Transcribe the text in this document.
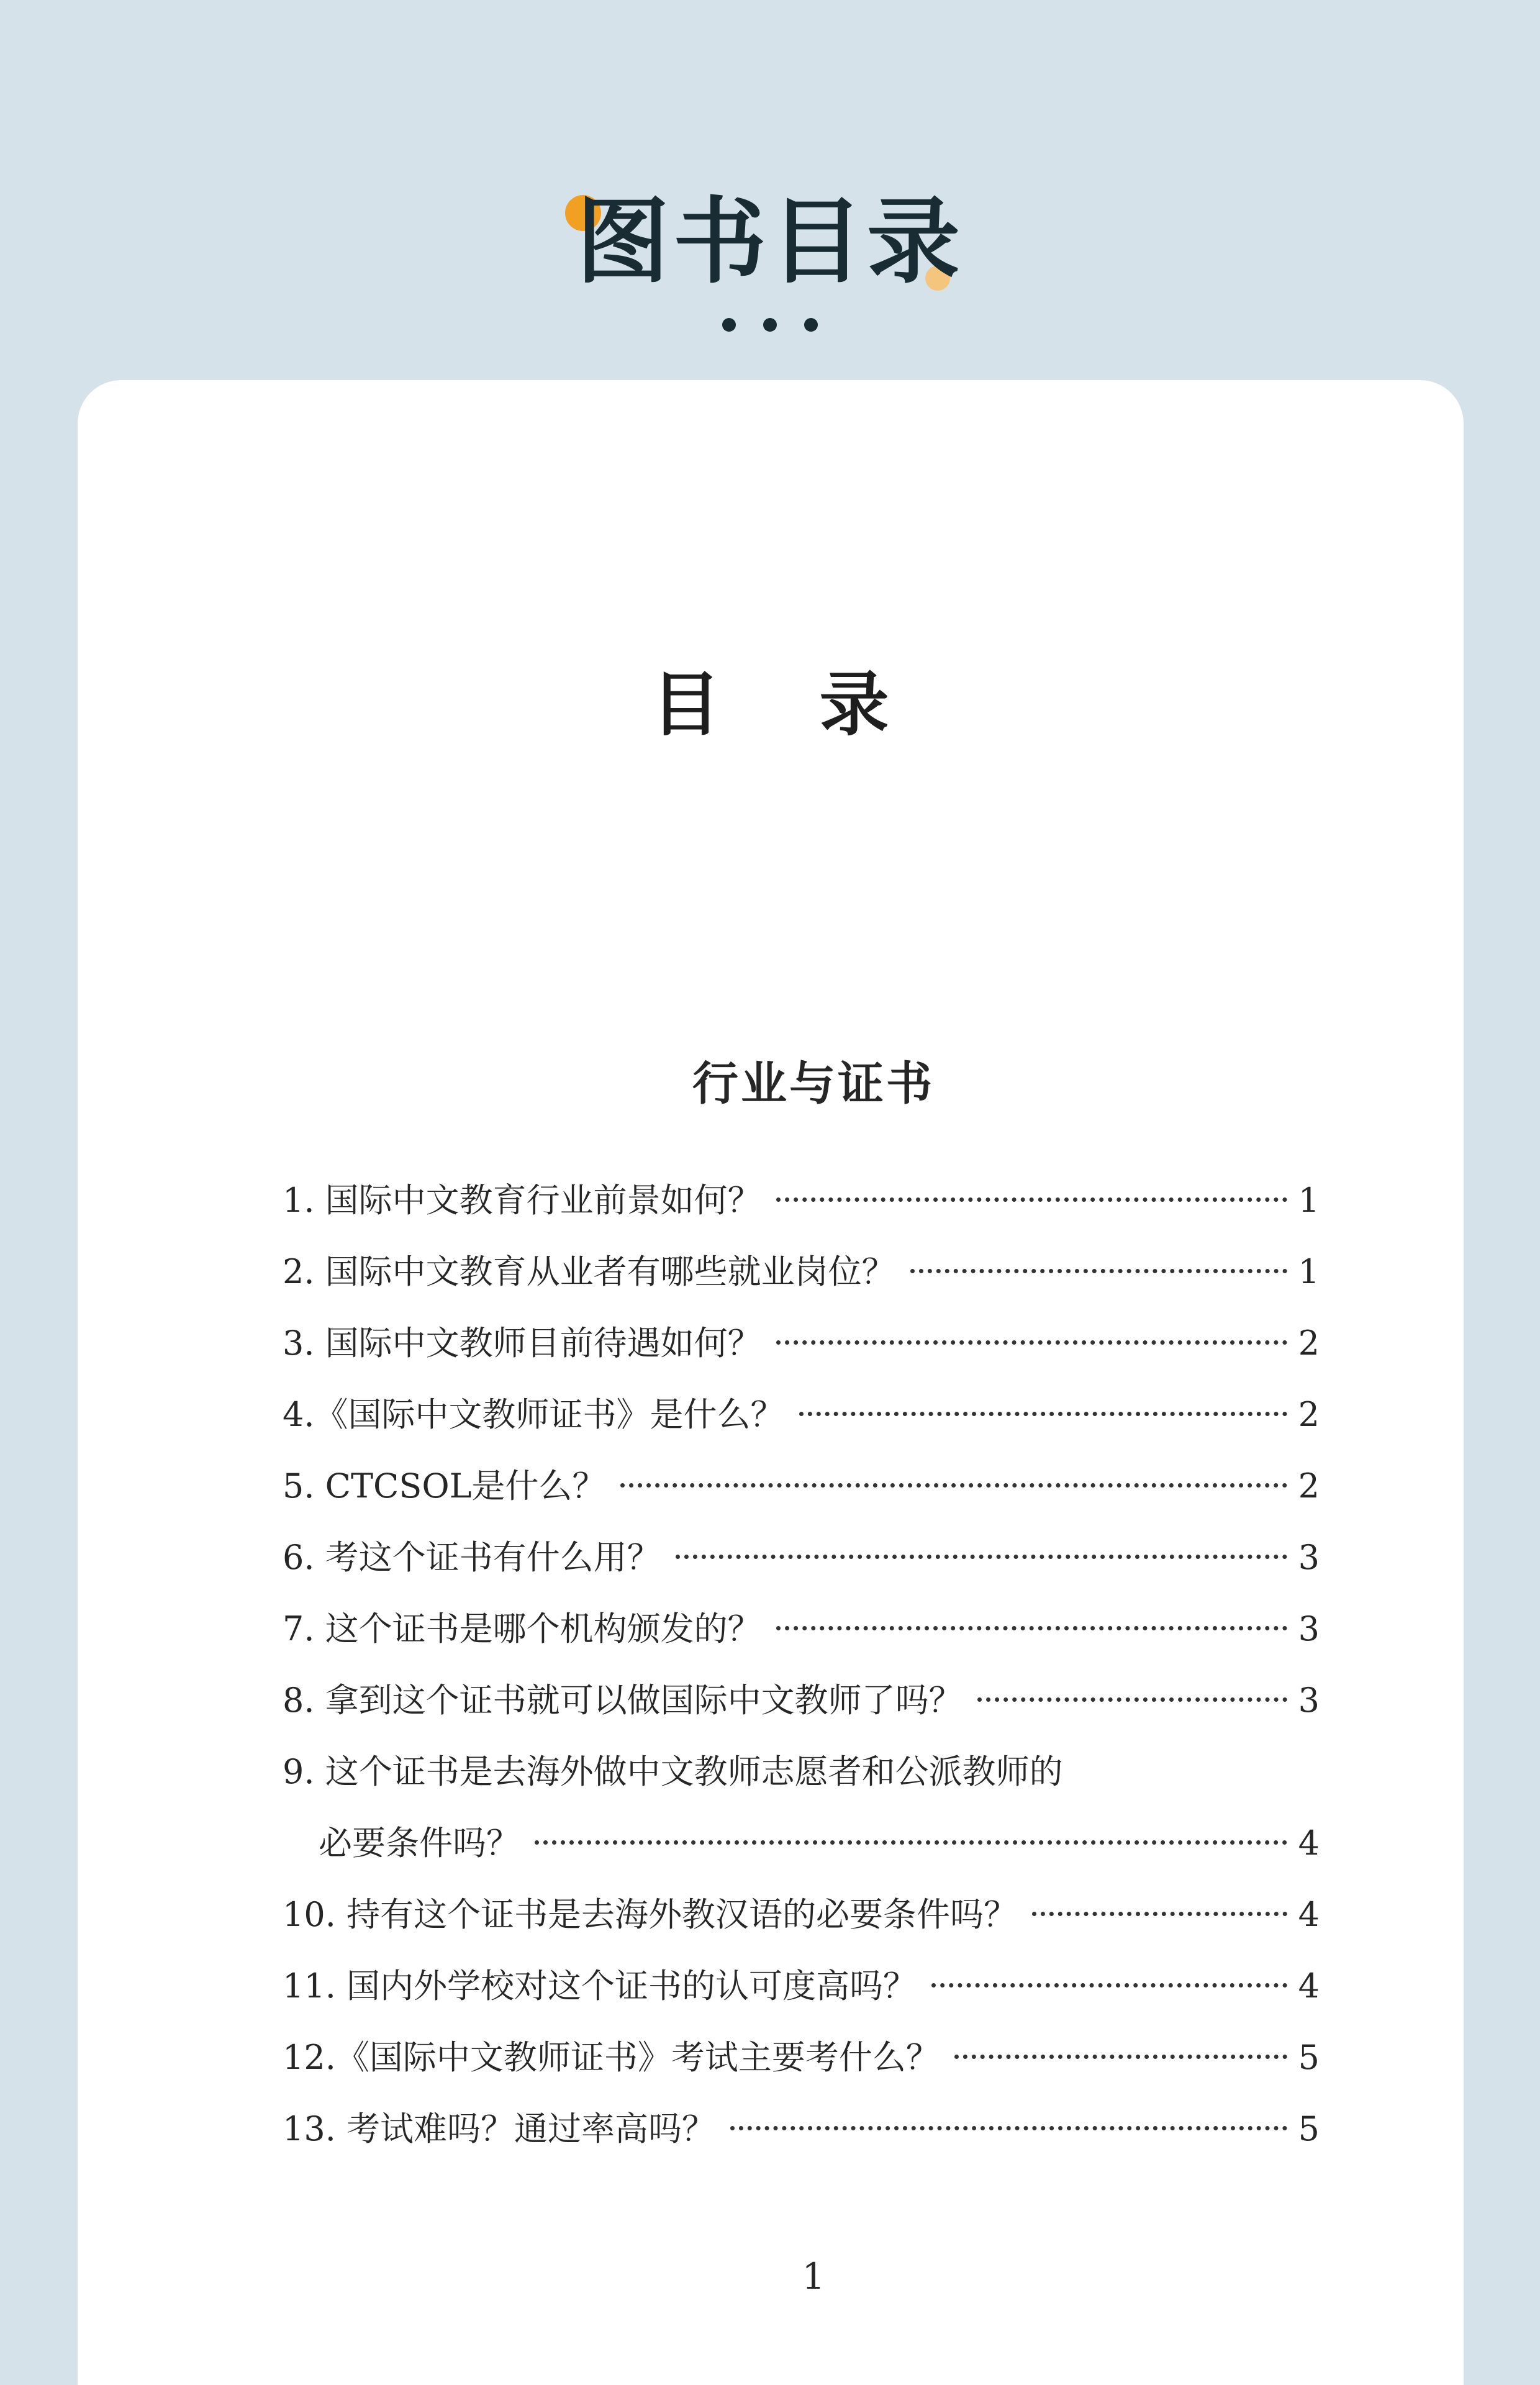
图书目录
目 录
行业与证书
1. 国际中文教育行业前景如何？	1
2. 国际中文教育从业者有哪些就业岗位？	1
3. 国际中文教师目前待遇如何？	2
4.《国际中文教师证书》是什么？	2
5. CTCSOL是什么？	2
6. 考这个证书有什么用？	3
7. 这个证书是哪个机构颁发的？	3
8. 拿到这个证书就可以做国际中文教师了吗？	3
9. 这个证书是去海外做中文教师志愿者和公派教师的
必要条件吗？	4
10. 持有这个证书是去海外教汉语的必要条件吗？	4
11. 国内外学校对这个证书的认可度高吗？	4
12.《国际中文教师证书》考试主要考什么？	5
13. 考试难吗？通过率高吗？	5
1
